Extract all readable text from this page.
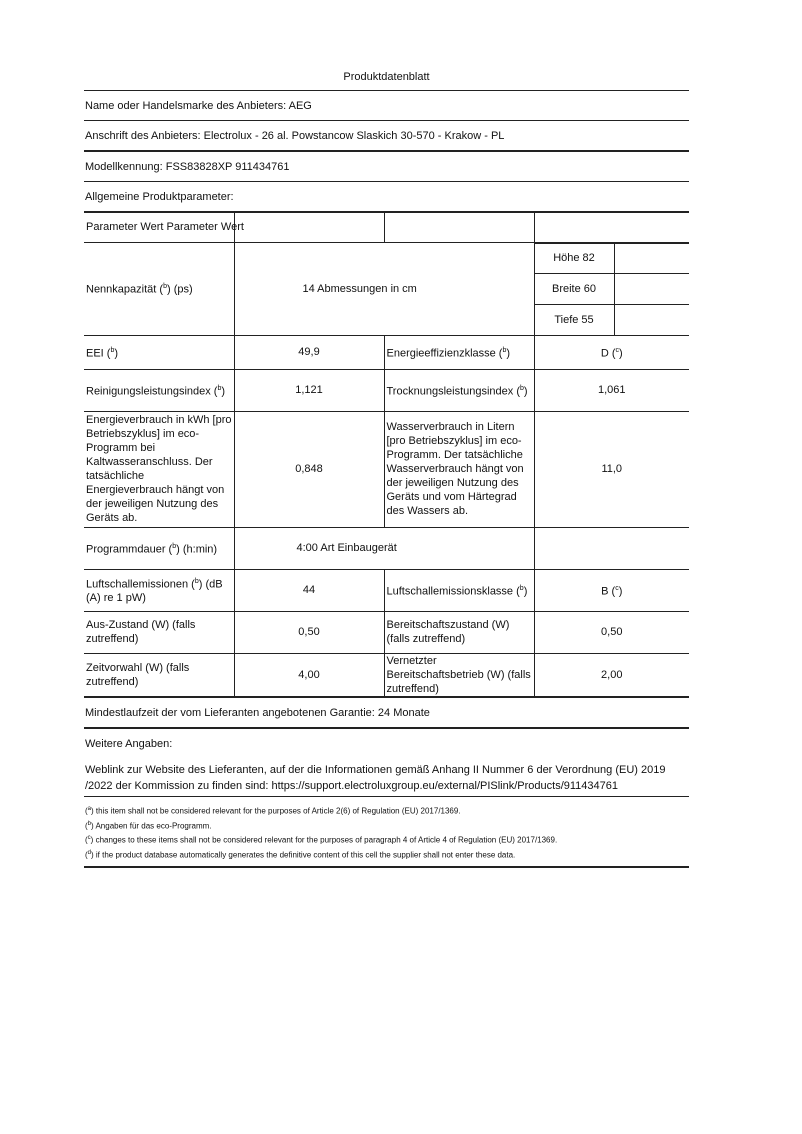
Produktdatenblatt
Name oder Handelsmarke des Anbieters: AEG
Anschrift des Anbieters: Electrolux - 26 al. Powstancow Slaskich 30-570 - Krakow - PL
Modellkennung: FSS83828XP 911434761
Allgemeine Produktparameter:
Parameter Wert Parameter Wert			
Nennkapazität ($^b$) (ps)	14 Abmessungen in cm	
Höhe 82	
Breite 60	
Tiefe 55	

EEI ($^b$)	49,9	Energieeffizienzklasse ($^b$)	D ($^c$)
Reinigungsleistungsindex ($^b$)	1,121	Trocknungsleistungsindex ($^b$)	1,061
Energieverbrauch in kWh [pro Betriebszyklus] im eco-Programm bei Kaltwasseranschluss. Der tatsächliche Energieverbrauch hängt von der jeweiligen Nutzung des Geräts ab.	0,848	Wasserverbrauch in Litern [pro Betriebszyklus] im eco-Programm. Der tatsächliche Wasserverbrauch hängt von der jeweiligen Nutzung des Geräts und vom Härtegrad des Wassers ab.	11,0
Programmdauer ($^b$) (h:min)	4:00 Art Einbaugerät	
Luftschallemissionen ($^b$) (dB (A) re 1 pW)	44	Luftschallemissionsklasse ($^b$)	B ($^c$)
Aus-Zustand (W) (falls zutreffend)	0,50	Bereitschaftszustand (W) (falls zutreffend)	0,50
Zeitvorwahl (W) (falls zutreffend)	4,00	Vernetzter Bereitschaftsbetrieb (W) (falls zutreffend)	2,00
Mindestlaufzeit der vom Lieferanten angebotenen Garantie: 24 Monate
Weitere Angaben:
Weblink zur Website des Lieferanten, auf der die Informationen gemäß Anhang II Nummer 6 der Verordnung (EU) 2019 /2022 der Kommission zu finden sind: https://support.electroluxgroup.eu/external/PISlink/Products/911434761
($^a$) this item shall not be considered relevant for the purposes of Article 2(6) of Regulation (EU) 2017/1369.
($^b$) Angaben für das eco-Programm.
($^c$) changes to these items shall not be considered relevant for the purposes of paragraph 4 of Article 4 of Regulation (EU) 2017/1369.
($^d$) if the product database automatically generates the definitive content of this cell the supplier shall not enter these data.
